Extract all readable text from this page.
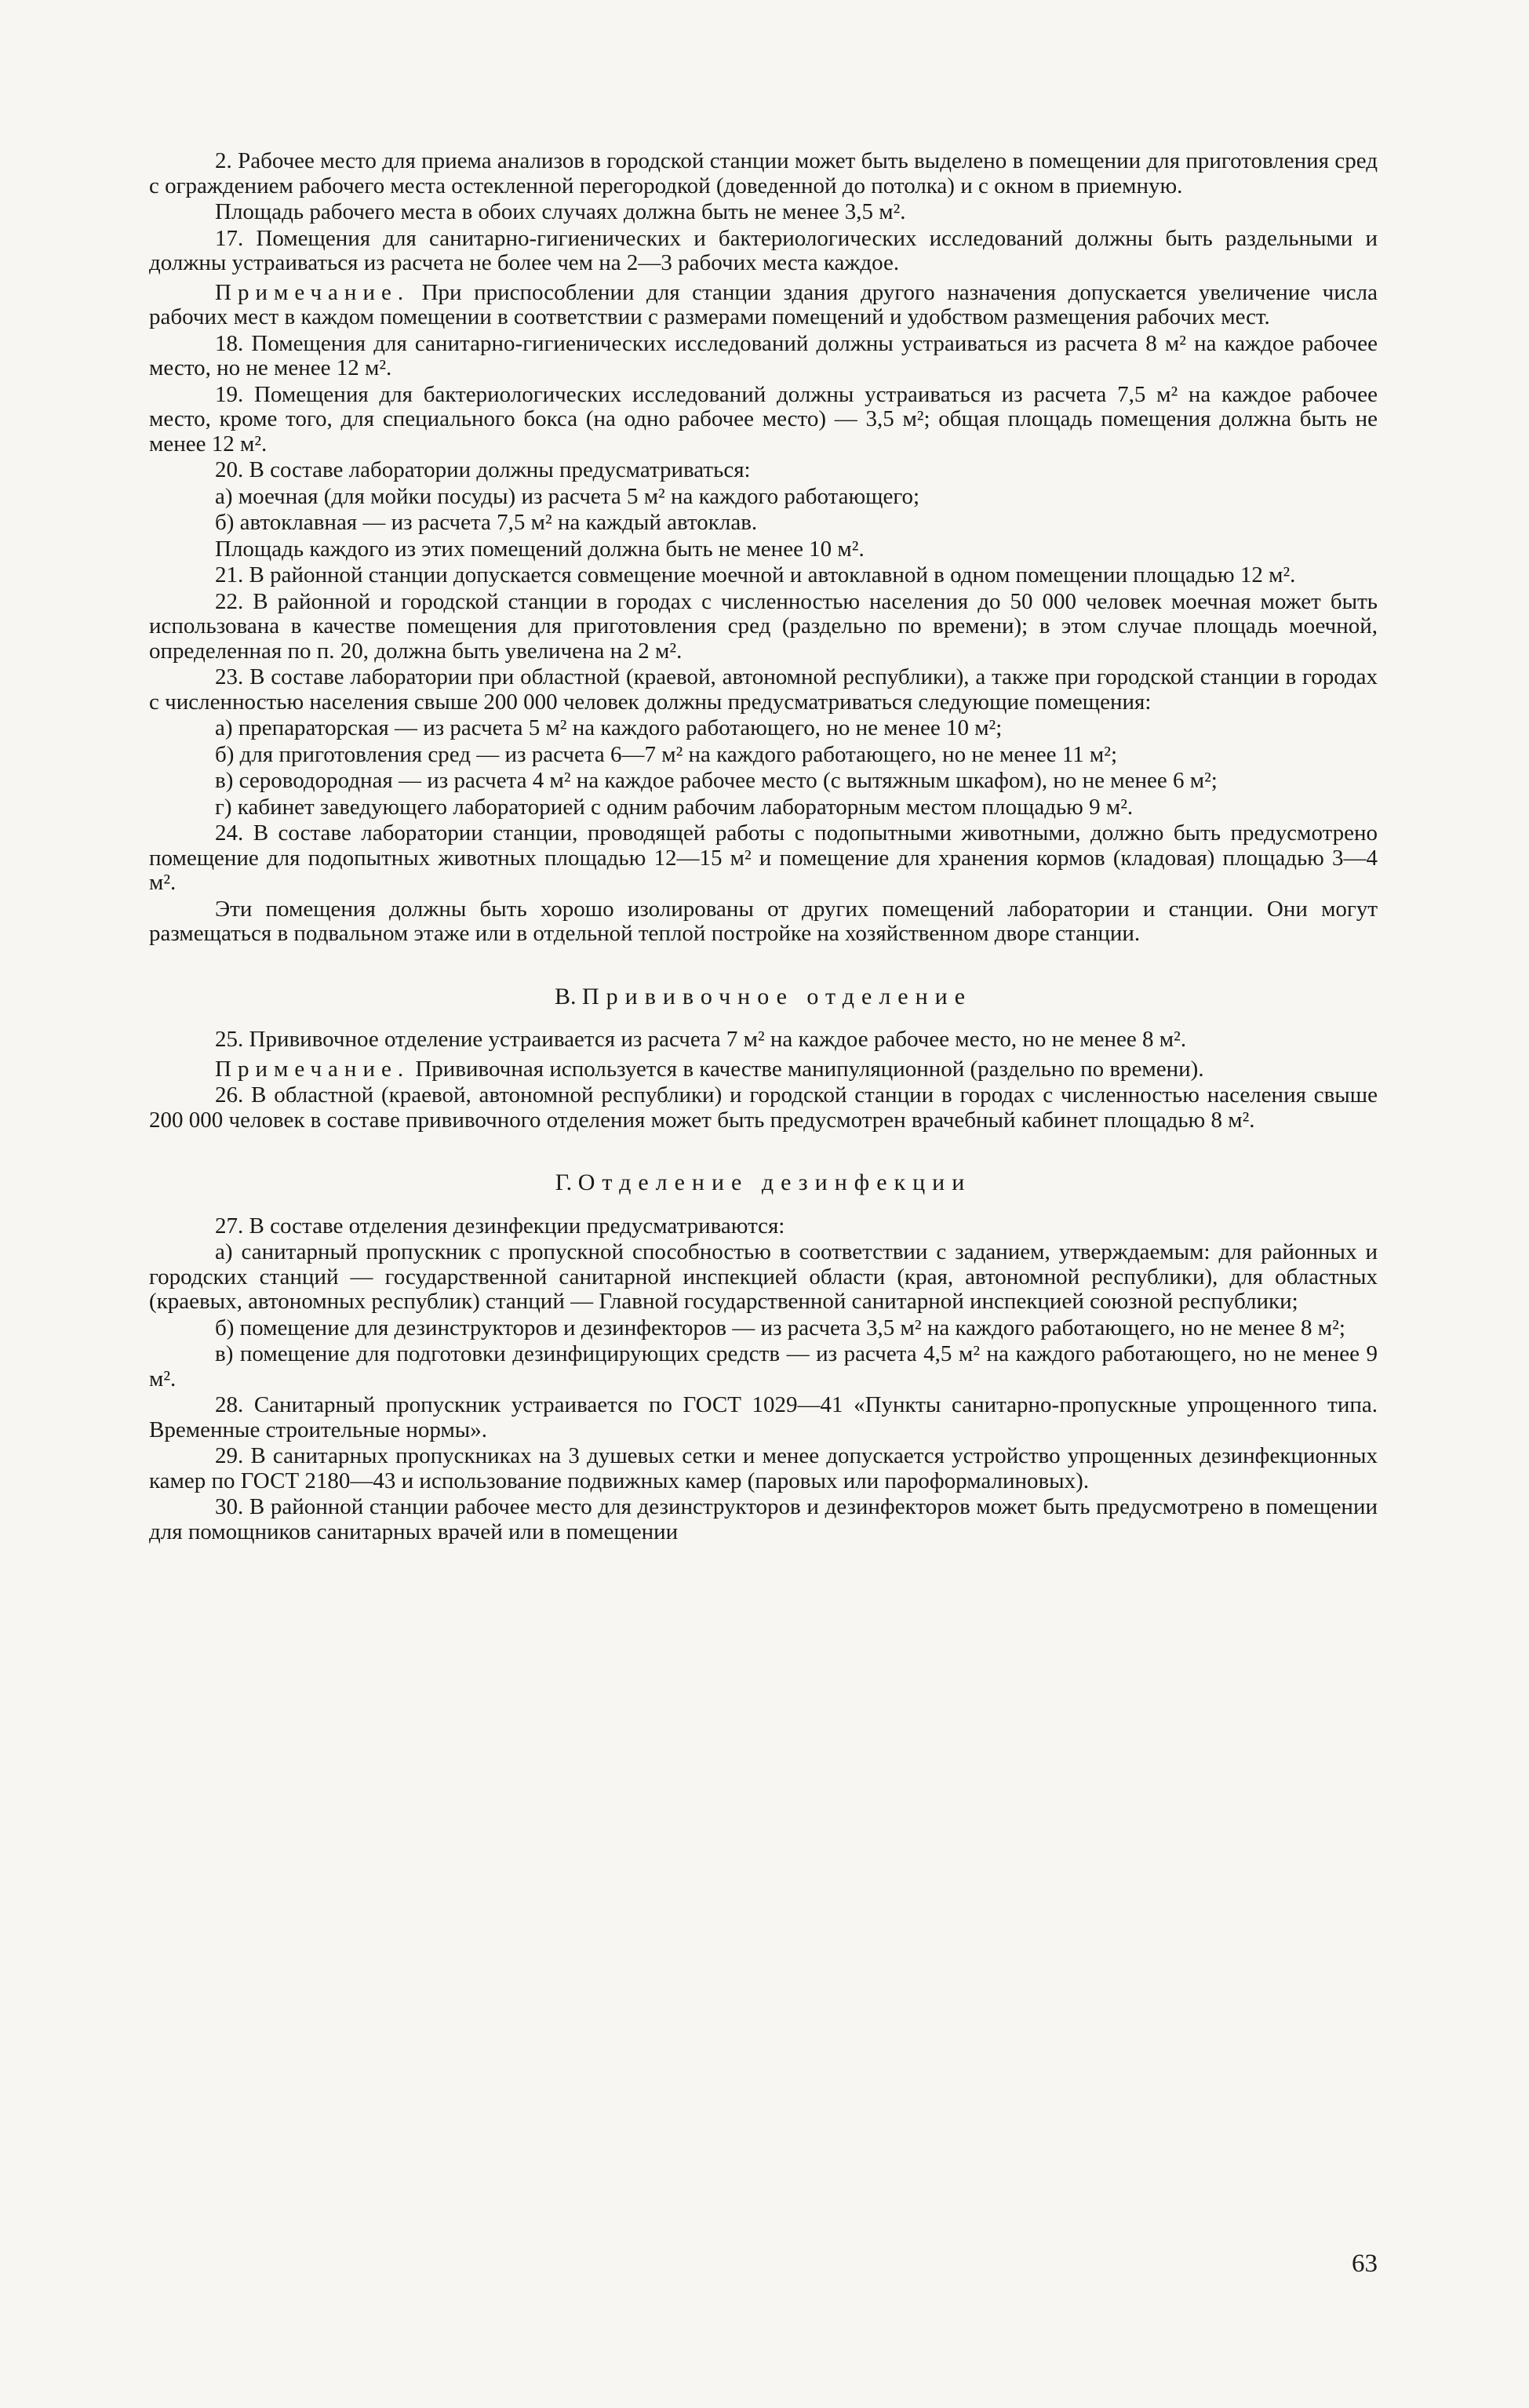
2. Рабочее место для приема анализов в городской станции может быть выделено в помещении для приготовления сред с ограждением рабочего места остекленной перегородкой (доведенной до потолка) и с окном в приемную.

Площадь рабочего места в обоих случаях должна быть не менее 3,5 м².

17. Помещения для санитарно-гигиенических и бактериологических исследований должны быть раздельными и должны устраиваться из расчета не более чем на 2—3 рабочих места каждое.

Примечание. При приспособлении для станции здания другого назначения допускается увеличение числа рабочих мест в каждом помещении в соответствии с размерами помещений и удобством размещения рабочих мест.

18. Помещения для санитарно-гигиенических исследований должны устраиваться из расчета 8 м² на каждое рабочее место, но не менее 12 м².

19. Помещения для бактериологических исследований должны устраиваться из расчета 7,5 м² на каждое рабочее место, кроме того, для специального бокса (на одно рабочее место) — 3,5 м²; общая площадь помещения должна быть не менее 12 м².

20. В составе лаборатории должны предусматриваться:

а) моечная (для мойки посуды) из расчета 5 м² на каждого работающего;

б) автоклавная — из расчета 7,5 м² на каждый автоклав.

Площадь каждого из этих помещений должна быть не менее 10 м².

21. В районной станции допускается совмещение моечной и автоклавной в одном помещении площадью 12 м².

22. В районной и городской станции в городах с численностью населения до 50 000 человек моечная может быть использована в качестве помещения для приготовления сред (раздельно по времени); в этом случае площадь моечной, определенная по п. 20, должна быть увеличена на 2 м².

23. В составе лаборатории при областной (краевой, автономной республики), а также при городской станции в городах с численностью населения свыше 200 000 человек должны предусматриваться следующие помещения:

а) препараторская — из расчета 5 м² на каждого работающего, но не менее 10 м²;

б) для приготовления сред — из расчета 6—7 м² на каждого работающего, но не менее 11 м²;

в) сероводородная — из расчета 4 м² на каждое рабочее место (с вытяжным шкафом), но не менее 6 м²;

г) кабинет заведующего лабораторией с одним рабочим лабораторным местом площадью 9 м².

24. В составе лаборатории станции, проводящей работы с подопытными животными, должно быть предусмотрено помещение для подопытных животных площадью 12—15 м² и помещение для хранения кормов (кладовая) площадью 3—4 м².

Эти помещения должны быть хорошо изолированы от других помещений лаборатории и станции. Они могут размещаться в подвальном этаже или в отдельной теплой постройке на хозяйственном дворе станции.

В. Прививочное отделение

25. Прививочное отделение устраивается из расчета 7 м² на каждое рабочее место, но не менее 8 м².

Примечание. Прививочная используется в качестве манипуляционной (раздельно по времени).

26. В областной (краевой, автономной республики) и городской станции в городах с численностью населения свыше 200 000 человек в составе прививочного отделения может быть предусмотрен врачебный кабинет площадью 8 м².

Г. Отделение дезинфекции

27. В составе отделения дезинфекции предусматриваются:

а) санитарный пропускник с пропускной способностью в соответствии с заданием, утверждаемым: для районных и городских станций — государственной санитарной инспекцией области (края, автономной республики), для областных (краевых, автономных республик) станций — Главной государственной санитарной инспекцией союзной республики;

б) помещение для дезинструкторов и дезинфекторов — из расчета 3,5 м² на каждого работающего, но не менее 8 м²;

в) помещение для подготовки дезинфицирующих средств — из расчета 4,5 м² на каждого работающего, но не менее 9 м².

28. Санитарный пропускник устраивается по ГОСТ 1029—41 «Пункты санитарно-пропускные упрощенного типа. Временные строительные нормы».

29. В санитарных пропускниках на 3 душевых сетки и менее допускается устройство упрощенных дезинфекционных камер по ГОСТ 2180—43 и использование подвижных камер (паровых или пароформалиновых).

30. В районной станции рабочее место для дезинструкторов и дезинфекторов может быть предусмотрено в помещении для помощников санитарных врачей или в помещении

63
